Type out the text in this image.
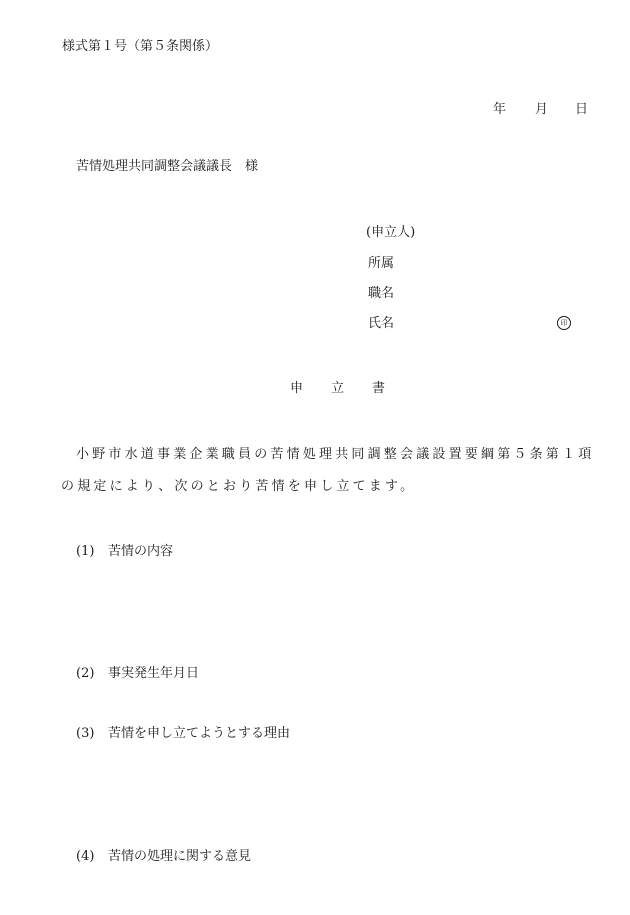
様式第１号（第５条関係）
年 月 日
苦情処理共同調整会議議長　様
(申立人)
所属
職名
氏名	印
申 立 書
小野市水道事業企業職員の苦情処理共同調整会議設置要綱第５条第１項
の規定により、次のとおり苦情を申し立てます。
(1) 苦情の内容
(2) 事実発生年月日
(3) 苦情を申し立てようとする理由
(4) 苦情の処理に関する意見
